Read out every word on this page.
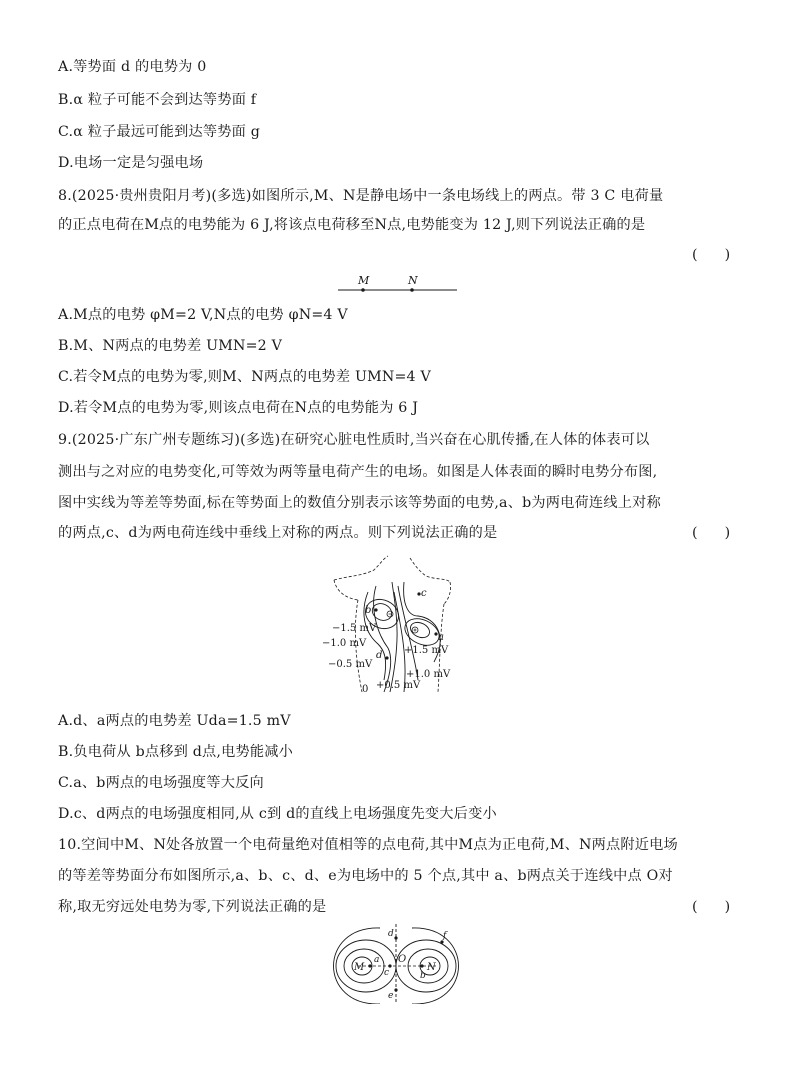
A.等势面 d 的电势为 0
B.α 粒子可能不会到达等势面 f
C.α 粒子最远可能到达等势面 g
D.电场一定是匀强电场
8.(2025·贵州贵阳月考)(多选)如图所示,M、N是静电场中一条电场线上的两点。带 3 C 电荷量
的正点电荷在M点的电势能为 6 J,将该点电荷移至N点,电势能变为 12 J,则下列说法正确的是
(      )
M	N
A.M点的电势 φM=2 V,N点的电势 φN=4 V
B.M、N两点的电势差 UMN=2 V
C.若令M点的电势为零,则M、N两点的电势差 UMN=4 V
D.若令M点的电势为零,则该点电荷在N点的电势能为 6 J
9.(2025·广东广州专题练习)(多选)在研究心脏电性质时,当兴奋在心肌传播,在人体的体表可以
测出与之对应的电势变化,可等效为两等量电荷产生的电场。如图是人体表面的瞬时电势分布图,
图中实线为等差等势面,标在等势面上的数值分别表示该等势面的电势,a、b为两电荷连线上对称
的两点,c、d为两电荷连线中垂线上对称的两点。则下列说法正确的是	(      )
b
a
c
d
−1.5 mV
−1.0 mV
−0.5 mV
+1.5 mV
+1.0 mV
+0.5 mV
0
A.d、a两点的电势差 Uda=1.5 mV
B.负电荷从 b点移到 d点,电势能减小
C.a、b两点的电场强度等大反向
D.c、d两点的电场强度相同,从 c到 d的直线上电场强度先变大后变小
10.空间中M、N处各放置一个电荷量绝对值相等的点电荷,其中M点为正电荷,M、N两点附近电场
的等差等势面分布如图所示,a、b、c、d、e为电场中的 5 个点,其中 a、b两点关于连线中点 O对
称,取无穷远处电势为零,下列说法正确的是	(      )
M	N
O
a
b
c
d
e
f
